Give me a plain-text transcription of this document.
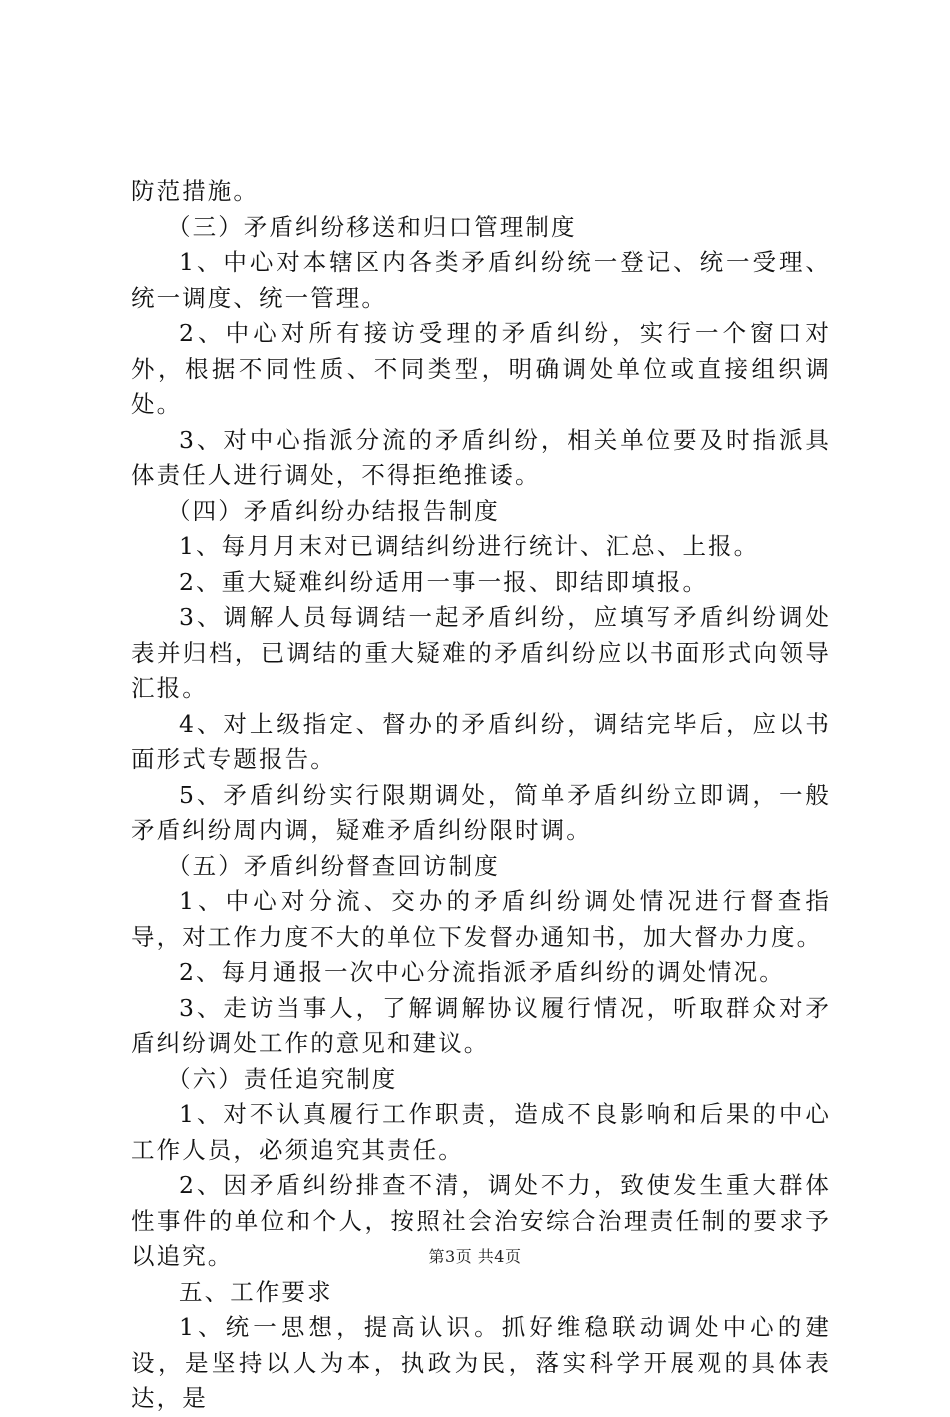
防范措施。

（三）矛盾纠纷移送和归口管理制度

1、中心对本辖区内各类矛盾纠纷统一登记、统一受理、统一调度、统一管理。

2、中心对所有接访受理的矛盾纠纷，实行一个窗口对外，根据不同性质、不同类型，明确调处单位或直接组织调处。

3、对中心指派分流的矛盾纠纷，相关单位要及时指派具体责任人进行调处，不得拒绝推诿。

（四）矛盾纠纷办结报告制度

1、每月月末对已调结纠纷进行统计、汇总、上报。

2、重大疑难纠纷适用一事一报、即结即填报。

3、调解人员每调结一起矛盾纠纷，应填写矛盾纠纷调处表并归档，已调结的重大疑难的矛盾纠纷应以书面形式向领导汇报。

4、对上级指定、督办的矛盾纠纷，调结完毕后，应以书面形式专题报告。

5、矛盾纠纷实行限期调处，简单矛盾纠纷立即调，一般矛盾纠纷周内调，疑难矛盾纠纷限时调。

（五）矛盾纠纷督查回访制度

1、中心对分流、交办的矛盾纠纷调处情况进行督查指导，对工作力度不大的单位下发督办通知书，加大督办力度。

2、每月通报一次中心分流指派矛盾纠纷的调处情况。

3、走访当事人，了解调解协议履行情况，听取群众对矛盾纠纷调处工作的意见和建议。

（六）责任追究制度

1、对不认真履行工作职责，造成不良影响和后果的中心工作人员，必须追究其责任。

2、因矛盾纠纷排查不清，调处不力，致使发生重大群体性事件的单位和个人，按照社会治安综合治理责任制的要求予以追究。

五、工作要求

1、统一思想，提高认识。抓好维稳联动调处中心的建设，是坚持以人为本，执政为民，落实科学开展观的具体表达，是

第3页 共4页
